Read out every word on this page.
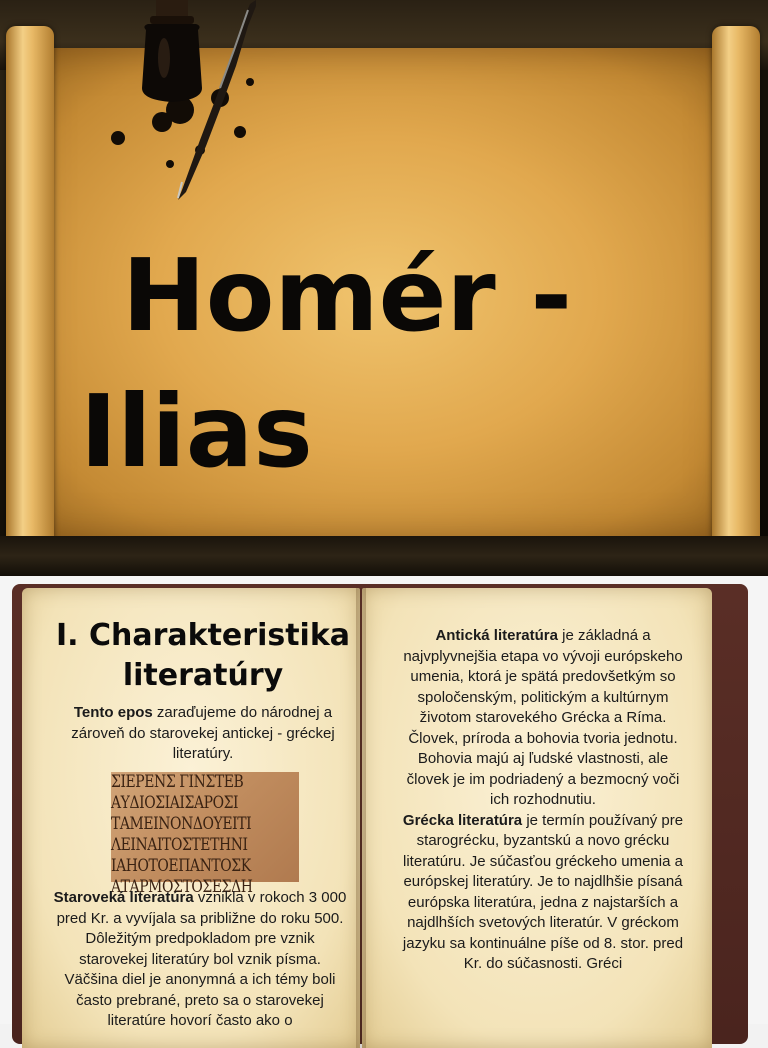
Homér -
Ilias
I. Charakteristika
literatúry

Tento epos zaraďujeme do národnej a zároveň do starovekej antickej - gréckej literatúry.

ΣΙΕΡΕΝΣ ΓΙΝΣΤΕΒ
ΑΥΔΙΟΣΙΑΙΣΑΡΟΣΙ
ΤΑΜΕΙΝΟΝΔΟΥΕΙΤΙ
ΛΕΙΝΑΙΤΟΣΤΕΤΗΝΙ
ΙΑΗΟΤΟΕΠΑΝΤΟΣΚ
ΑΤΑΡΜΟΣΤΟΣΕΣΔΗ

Staroveká literatúra vznikla v rokoch 3 000 pred Kr. a vyvíjala sa približne do roku 500. Dôležitým predpokladom pre vznik starovekej literatúry bol vznik písma. Väčšina diel je anonymná a ich témy boli často prebrané, preto sa o starovekej literatúre hovorí často ako o

Antická literatúra je základná a najvplyvnejšia etapa vo vývoji európskeho umenia, ktorá je spätá predovšetkým so spoločenským, politickým a kultúrnym životom starovekého Grécka a Ríma. Človek, príroda a bohovia tvoria jednotu. Bohovia majú aj ľudské vlastnosti, ale človek je im podriadený a bezmocný voči ich rozhodnutiu.

Grécka literatúra je termín používaný pre starogrécku, byzantskú a novo grécku literatúru. Je súčasťou gréckeho umenia a európskej literatúry. Je to najdlhšie písaná európska literatúra, jedna z najstarších a najdlhších svetových literatúr. V gréckom jazyku sa kontinuálne píše od 8. stor. pred Kr. do súčasnosti. Gréci
